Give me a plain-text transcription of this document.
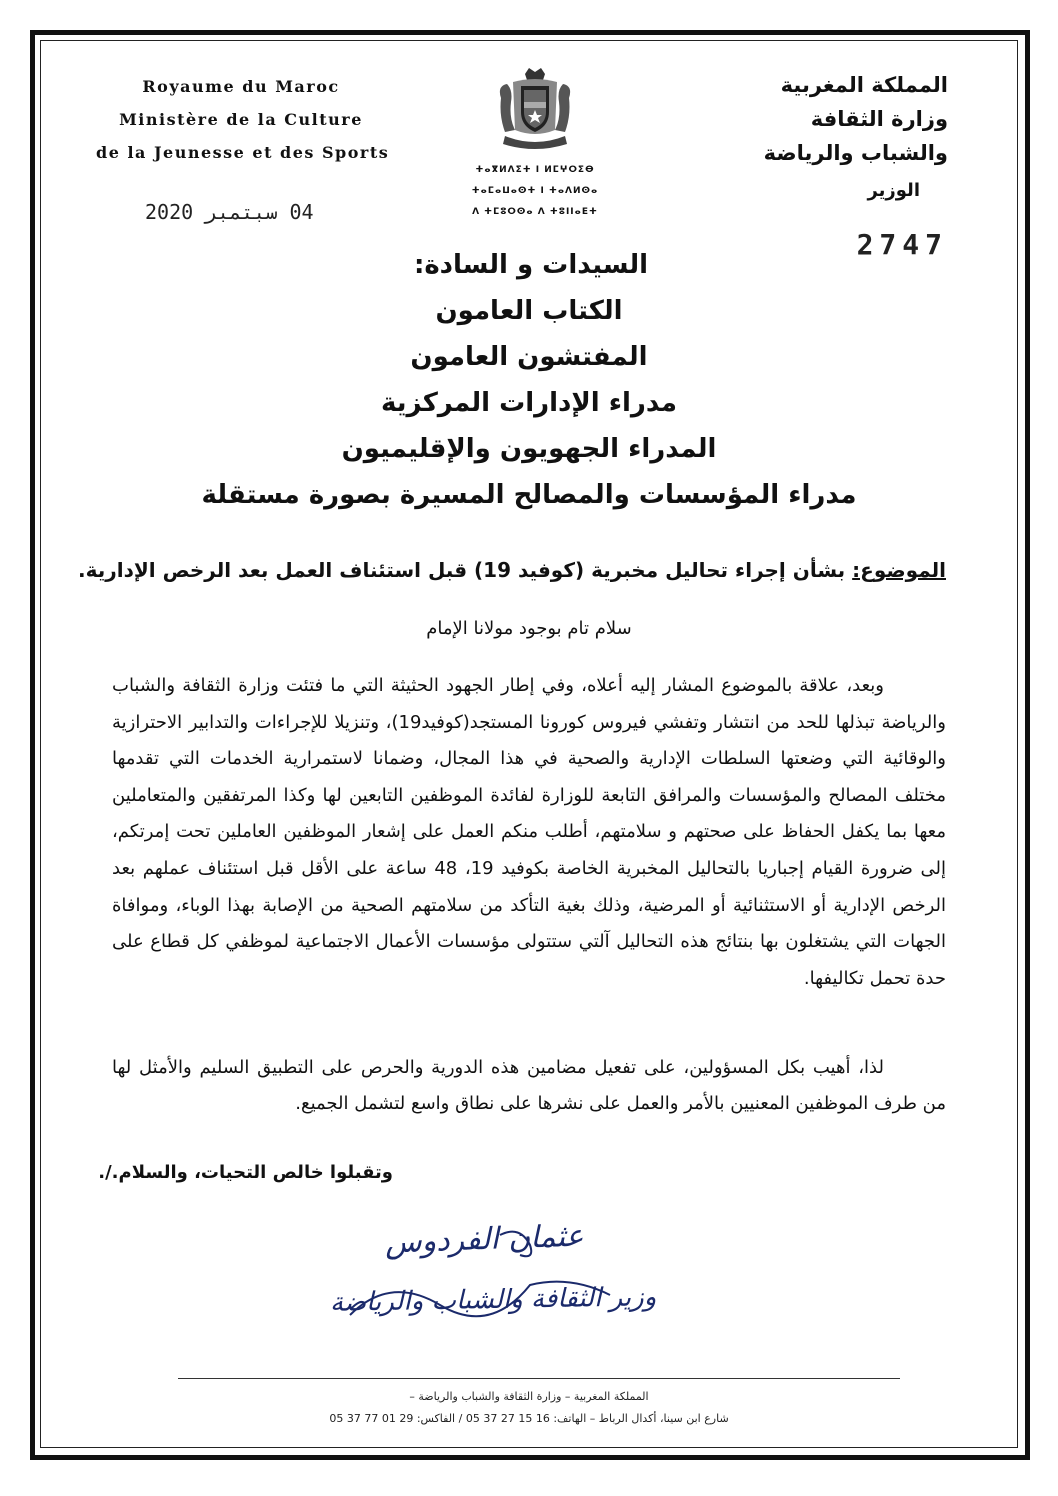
Royaume du Maroc
Ministère de la Culture
de la Jeunesse et des Sports
ⵜⴰⴳⵍⴷⵉⵜ ⵏ ⵍⵎⵖⵔⵉⴱ
ⵜⴰⵎⴰⵡⴰⵙⵜ ⵏ ⵜⴰⴷⵍⵙⴰ
ⴷ ⵜⵎⵓⵔⵙⴰ ⴷ ⵜⵓⵏⵏⴰⴹⵜ
المملكة المغربية
وزارة الثقافة
والشباب والرياضة
الوزير
04 سبتمبر 2020
2747
السيدات و السادة:
الكتاب العامون
المفتشون العامون
مدراء الإدارات المركزية
المدراء الجهويون والإقليميون
مدراء المؤسسات والمصالح المسيرة بصورة مستقلة
الموضوع: بشأن إجراء تحاليل مخبرية (كوفيد 19) قبل استئناف العمل بعد الرخص الإدارية.
سلام تام بوجود مولانا الإمام
وبعد، علاقة بالموضوع المشار إليه أعلاه، وفي إطار الجهود الحثيثة التي ما فتئت وزارة الثقافة والشباب والرياضة تبذلها للحد من انتشار وتفشي فيروس كورونا المستجد(كوفيد19)، وتنزيلا للإجراءات والتدابير الاحترازية والوقائية التي وضعتها السلطات الإدارية والصحية في هذا المجال، وضمانا لاستمرارية الخدمات التي تقدمها مختلف المصالح والمؤسسات والمرافق التابعة للوزارة لفائدة الموظفين التابعين لها وكذا المرتفقين والمتعاملين معها بما يكفل الحفاظ على صحتهم و سلامتهم، أطلب منكم العمل على إشعار الموظفين العاملين تحت إمرتكم، إلى ضرورة القيام إجباريا بالتحاليل المخبرية الخاصة بكوفيد 19، 48 ساعة على الأقل قبل استئناف عملهم بعد الرخص الإدارية أو الاستثنائية أو المرضية، وذلك بغية التأكد من سلامتهم الصحية من الإصابة بهذا الوباء، وموافاة الجهات التي يشتغلون بها بنتائج هذه التحاليل آلتي ستتولى مؤسسات الأعمال الاجتماعية لموظفي كل قطاع على حدة تحمل تكاليفها.
لذا، أهيب بكل المسؤولين، على تفعيل مضامين هذه الدورية والحرص على التطبيق السليم والأمثل لها من طرف الموظفين المعنيين بالأمر والعمل على نشرها على نطاق واسع لتشمل الجميع.
وتقبلوا خالص التحيات، والسلام./.
عثمان الفردوس
وزير الثقافة والشباب والرياضة
المملكة المغربية – وزارة الثقافة والشباب والرياضة –
شارع ابن سينا، أكدال الرباط – الهاتف: 16 15 27 37 05 / الفاكس: 29 01 77 37 05
